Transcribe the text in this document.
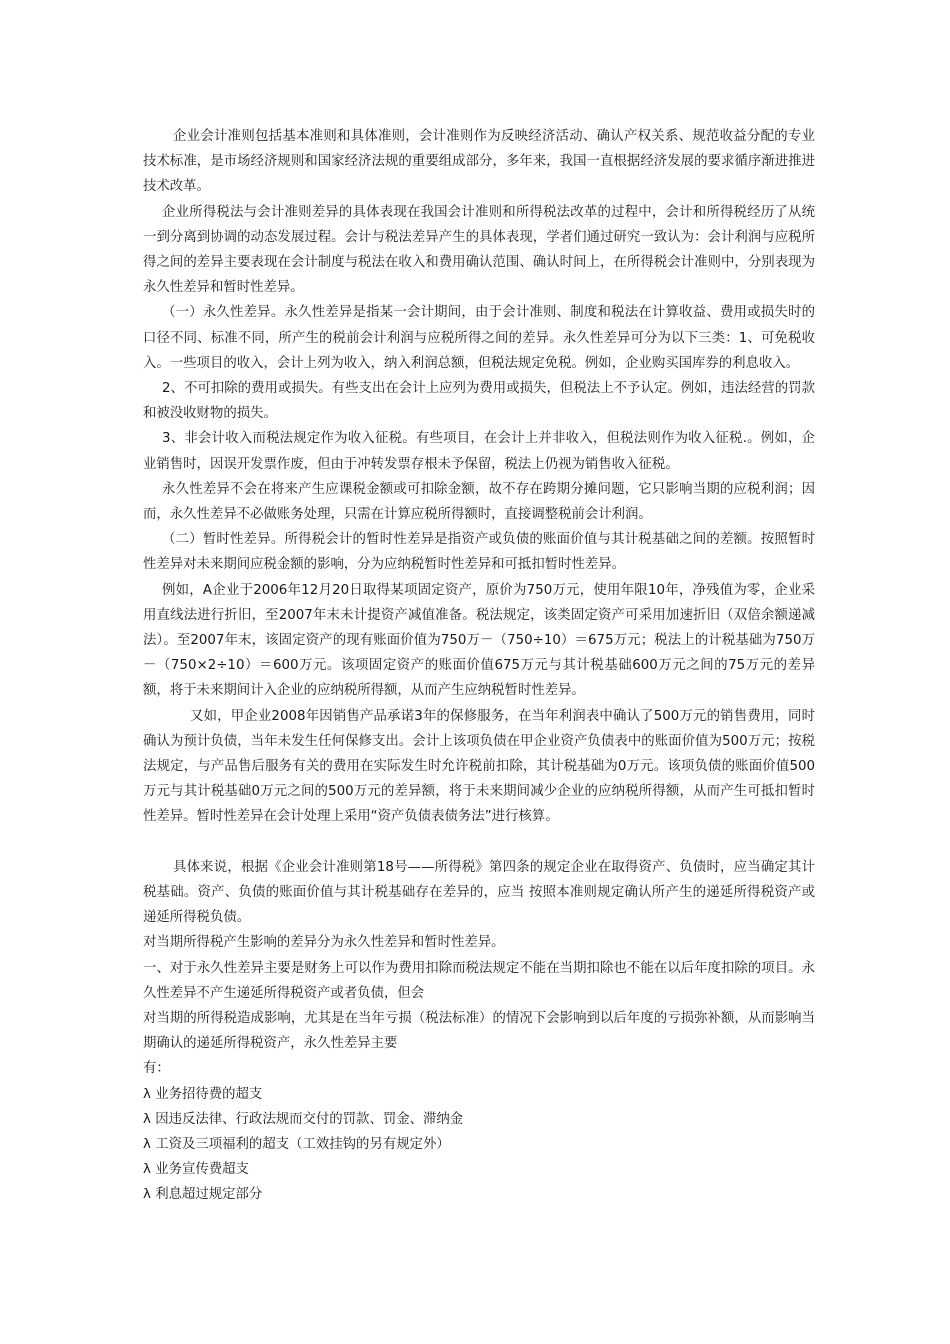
企业会计准则包括基本准则和具体准则，会计准则作为反映经济活动、确认产权关系、规范收益分配的专业技术标准，是市场经济规则和国家经济法规的重要组成部分，多年来，我国一直根据经济发展的要求循序渐进推进技术改革。

企业所得税法与会计准则差异的具体表现在我国会计准则和所得税法改革的过程中，会计和所得税经历了从统一到分离到协调的动态发展过程。会计与税法差异产生的具体表现，学者们通过研究一致认为：会计利润与应税所得之间的差异主要表现在会计制度与税法在收入和费用确认范围、确认时间上，在所得税会计准则中，分别表现为永久性差异和暂时性差异。

（一）永久性差异。永久性差异是指某一会计期间，由于会计准则、制度和税法在计算收益、费用或损失时的口径不同、标准不同，所产生的税前会计利润与应税所得之间的差异。永久性差异可分为以下三类：1、可免税收入。一些项目的收入，会计上列为收入，纳入利润总额，但税法规定免税。例如，企业购买国库券的利息收入。

2、不可扣除的费用或损失。有些支出在会计上应列为费用或损失，但税法上不予认定。例如，违法经营的罚款和被没收财物的损失。

3、非会计收入而税法规定作为收入征税。有些项目，在会计上并非收入，但税法则作为收入征税.。例如，企业销售时，因误开发票作废，但由于冲转发票存根未予保留，税法上仍视为销售收入征税。

永久性差异不会在将来产生应课税金额或可扣除金额，故不存在跨期分摊问题，它只影响当期的应税利润；因而，永久性差异不必做账务处理，只需在计算应税所得额时，直接调整税前会计利润。

（二）暂时性差异。所得税会计的暂时性差异是指资产或负债的账面价值与其计税基础之间的差额。按照暂时性差异对未来期间应税金额的影响，分为应纳税暂时性差异和可抵扣暂时性差异。

例如，A企业于2006年12月20日取得某项固定资产，原价为750万元，使用年限10年，净残值为零，企业采用直线法进行折旧，至2007年末未计提资产减值准备。税法规定，该类固定资产可采用加速折旧（双倍余额递减法）。至2007年末，该固定资产的现有账面价值为750万－（750÷10）＝675万元；税法上的计税基础为750万－（750×2÷10）＝600万元。该项固定资产的账面价值675万元与其计税基础600万元之间的75万元的差异额，将于未来期间计入企业的应纳税所得额，从而产生应纳税暂时性差异。

又如，甲企业2008年因销售产品承诺3年的保修服务，在当年利润表中确认了500万元的销售费用，同时确认为预计负债，当年未发生任何保修支出。会计上该项负债在甲企业资产负债表中的账面价值为500万元；按税法规定，与产品售后服务有关的费用在实际发生时允许税前扣除，其计税基础为0万元。该项负债的账面价值500万元与其计税基础0万元之间的500万元的差异额，将于未来期间减少企业的应纳税所得额，从而产生可抵扣暂时性差异。暂时性差异在会计处理上采用“资产负债表债务法”进行核算。

具体来说，根据《企业会计准则第18号——所得税》第四条的规定企业在取得资产、负债时，应当确定其计税基础。资产、负债的账面价值与其计税基础存在差异的，应当 按照本准则规定确认所产生的递延所得税资产或递延所得税负债。

对当期所得税产生影响的差异分为永久性差异和暂时性差异。

一、对于永久性差异主要是财务上可以作为费用扣除而税法规定不能在当期扣除也不能在以后年度扣除的项目。永久性差异不产生递延所得税资产或者负债，但会

对当期的所得税造成影响，尤其是在当年亏损（税法标准）的情况下会影响到以后年度的亏损弥补额，从而影响当期确认的递延所得税资产，永久性差异主要

有：

λ 业务招待费的超支

λ 因违反法律、行政法规而交付的罚款、罚金、滞纳金

λ 工资及三项福利的超支（工效挂钩的另有规定外）

λ 业务宣传费超支

λ 利息超过规定部分
